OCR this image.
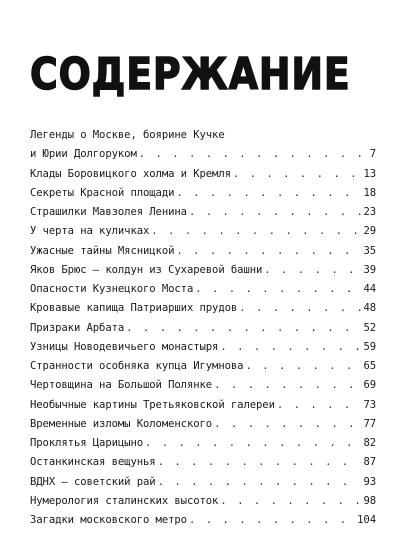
СОДЕРЖАНИЕ
Легенды о Москве, боярине Кучке
и Юрии Долгоруком . . .	7
Клады Боровицкого холма и Кремля . . .	13
Секреты Красной площади . . .	18
Страшилки Мавзолея Ленина . . .	23
У черта на куличках . . .	29
Ужасные тайны Мясницкой . . .	35
Яков Брюс – колдун из Сухаревой башни . . .	39
Опасности Кузнецкого Моста . . .	44
Кровавые капища Патриарших прудов . . .	48
Призраки Арбата . . .	52
Узницы Новодевичьего монастыря . . .	59
Странности особняка купца Игумнова . . .	65
Чертовщина на Большой Полянке . . .	69
Необычные картины Третьяковской галереи . . .	73
Временные изломы Коломенского . . .	77
Проклятья Царицыно . . .	82
Останкинская вещунья . . .	87
ВДНХ – советский рай . . .	93
Нумерология сталинских высоток . . .	98
Загадки московского метро . . .	104
